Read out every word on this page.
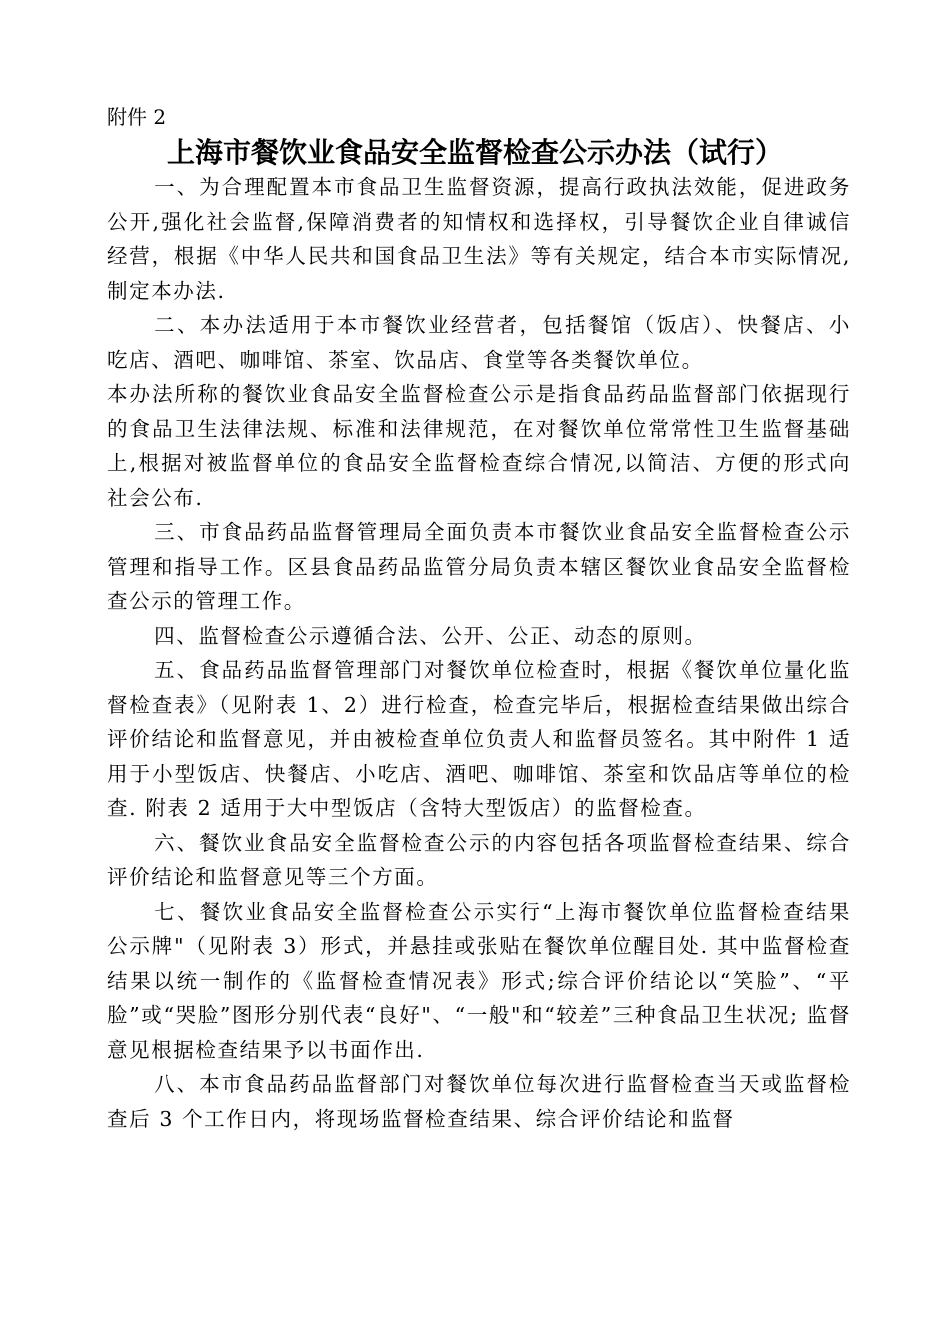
附件 2
上海市餐饮业食品安全监督检查公示办法（试行）

一、为合理配置本市食品卫生监督资源，提高行政执法效能，促进政务公开,强化社会监督,保障消费者的知情权和选择权，引导餐饮企业自律诚信经营，根据《中华人民共和国食品卫生法》等有关规定，结合本市实际情况,制定本办法.

二、本办法适用于本市餐饮业经营者，包括餐馆（饭店）、快餐店、小吃店、酒吧、咖啡馆、茶室、饮品店、食堂等各类餐饮单位。

本办法所称的餐饮业食品安全监督检查公示是指食品药品监督部门依据现行的食品卫生法律法规、标准和法律规范，在对餐饮单位常常性卫生监督基础上,根据对被监督单位的食品安全监督检查综合情况,以简洁、方便的形式向社会公布.

三、市食品药品监督管理局全面负责本市餐饮业食品安全监督检查公示管理和指导工作。区县食品药品监管分局负责本辖区餐饮业食品安全监督检查公示的管理工作。

四、监督检查公示遵循合法、公开、公正、动态的原则。

五、食品药品监督管理部门对餐饮单位检查时，根据《餐饮单位量化监督检查表》（见附表 1、2）进行检查，检查完毕后，根据检查结果做出综合评价结论和监督意见，并由被检查单位负责人和监督员签名。其中附件 1 适用于小型饭店、快餐店、小吃店、酒吧、咖啡馆、茶室和饮品店等单位的检查. 附表 2 适用于大中型饭店（含特大型饭店）的监督检查。

六、餐饮业食品安全监督检查公示的内容包括各项监督检查结果、综合评价结论和监督意见等三个方面。

七、餐饮业食品安全监督检查公示实行“上海市餐饮单位监督检查结果公示牌"（见附表 3）形式，并悬挂或张贴在餐饮单位醒目处. 其中监督检查结果以统一制作的《监督检查情况表》形式;综合评价结论以“笑脸”、“平脸”或“哭脸”图形分别代表“良好"、“一般"和“较差”三种食品卫生状况; 监督意见根据检查结果予以书面作出.

八、本市食品药品监督部门对餐饮单位每次进行监督检查当天或监督检查后 3 个工作日内，将现场监督检查结果、综合评价结论和监督
